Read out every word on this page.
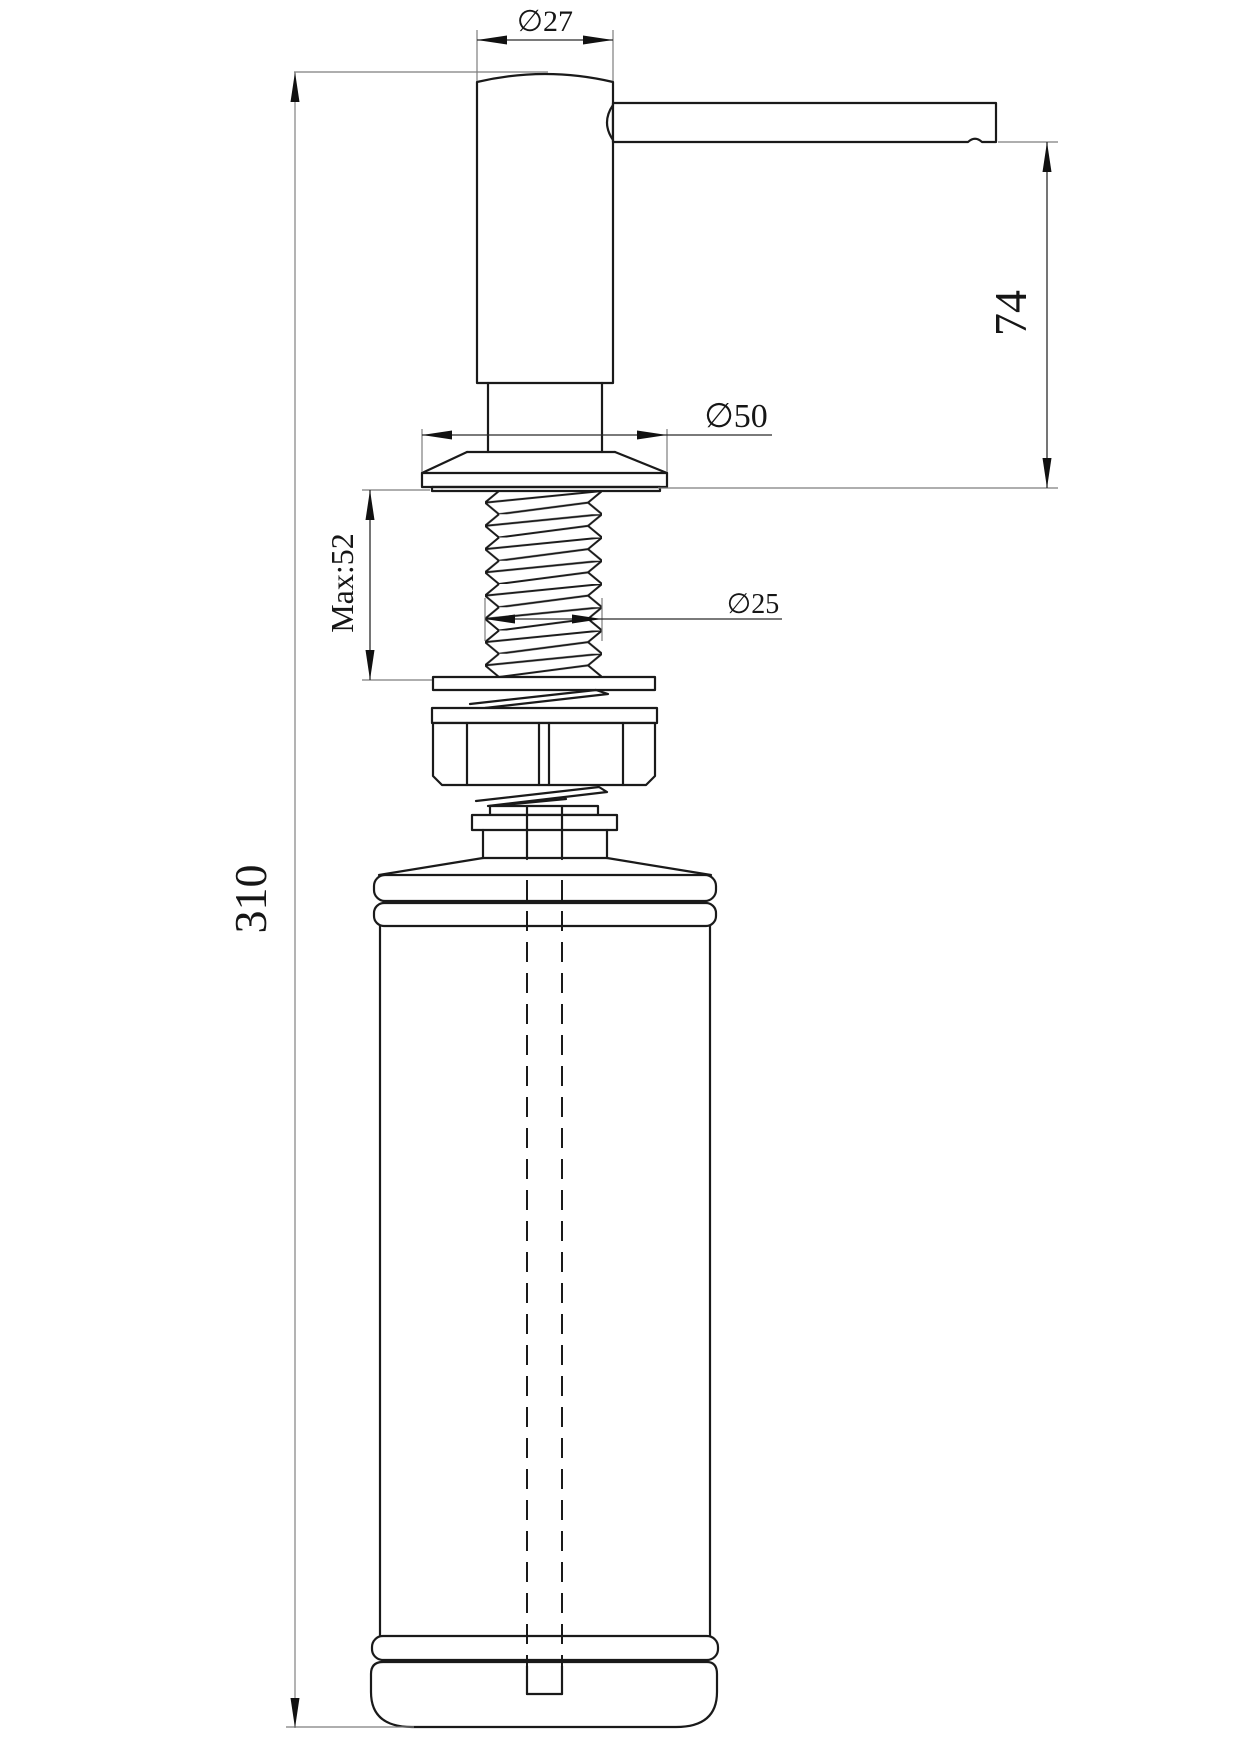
∅27
∅50
∅25
Max:52
74
310
